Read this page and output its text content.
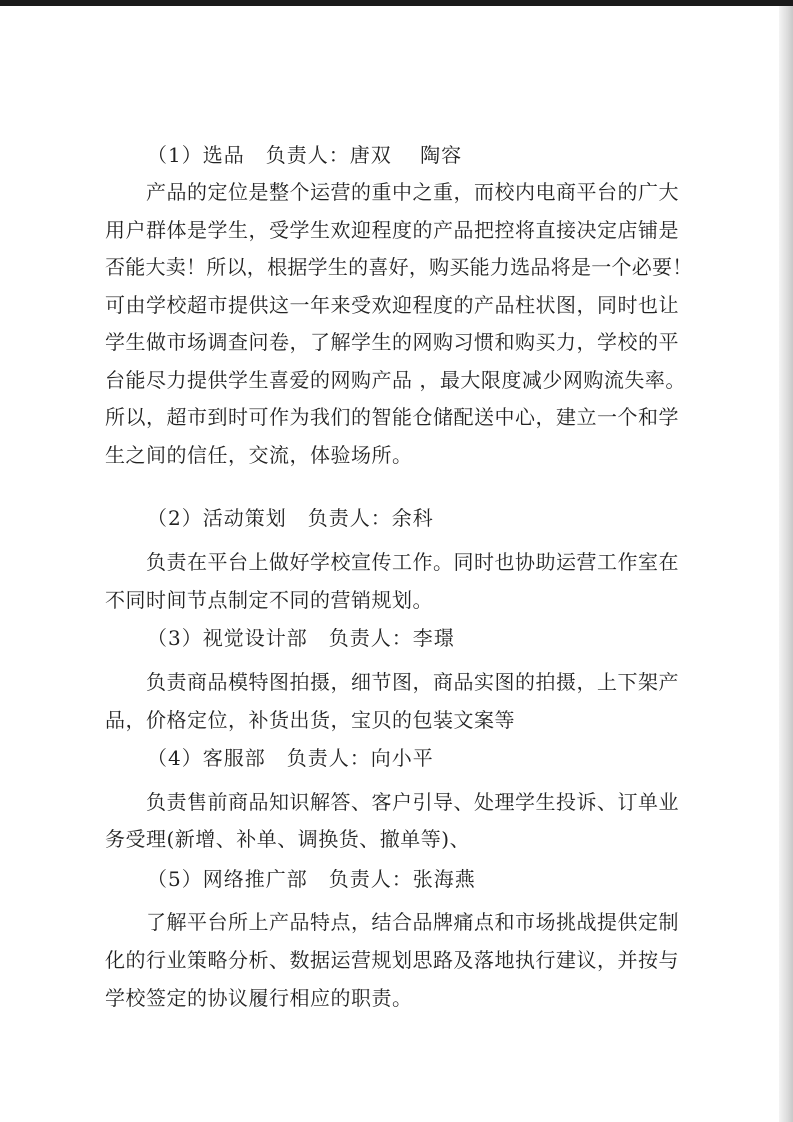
（1）选品　负责人：唐双　 陶容
产品的定位是整个运营的重中之重，而校内电商平台的广大
用户群体是学生，受学生欢迎程度的产品把控将直接决定店铺是
否能大卖！所以，根据学生的喜好，购买能力选品将是一个必要！
可由学校超市提供这一年来受欢迎程度的产品柱状图，同时也让
学生做市场调查问卷，了解学生的网购习惯和购买力，学校的平
台能尽力提供学生喜爱的网购产品 ，最大限度减少网购流失率。
所以，超市到时可作为我们的智能仓储配送中心，建立一个和学
生之间的信任，交流，体验场所。
（2）活动策划　负责人：余科
负责在平台上做好学校宣传工作。同时也协助运营工作室在
不同时间节点制定不同的营销规划。
（3）视觉设计部　负责人：李璟
负责商品模特图拍摄，细节图，商品实图的拍摄，上下架产
品，价格定位，补货出货，宝贝的包装文案等
（4）客服部　负责人：向小平
负责售前商品知识解答、客户引导、处理学生投诉、订单业
务受理(新增、补单、调换货、撤单等)、
（5）网络推广部　负责人：张海燕
了解平台所上产品特点，结合品牌痛点和市场挑战提供定制
化的行业策略分析、数据运营规划思路及落地执行建议，并按与
学校签定的协议履行相应的职责。
